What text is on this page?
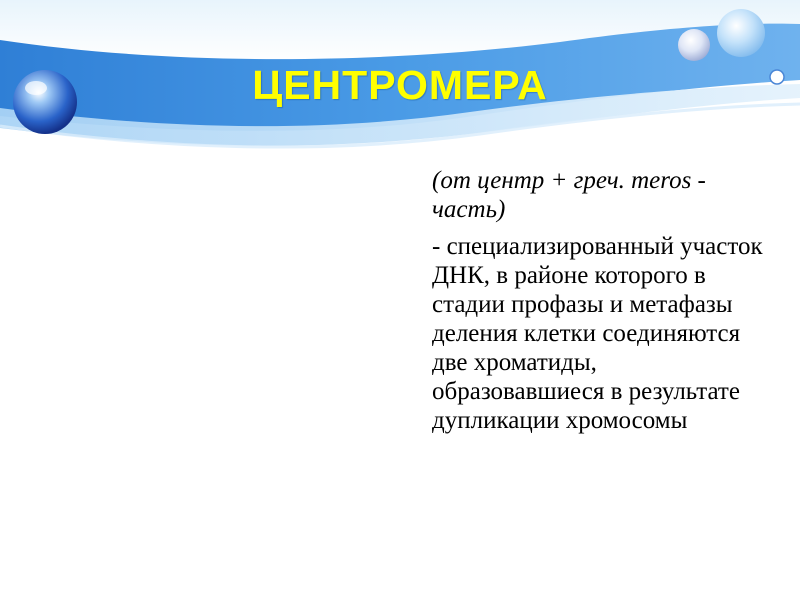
ЦЕНТРОМЕРА

(от центр + греч. meros - часть)

- специализированный участок ДНК, в районе которого в стадии профазы и метафазы деления клетки соединяются две хроматиды, образовавшиеся в результате дупликации хромосомы
